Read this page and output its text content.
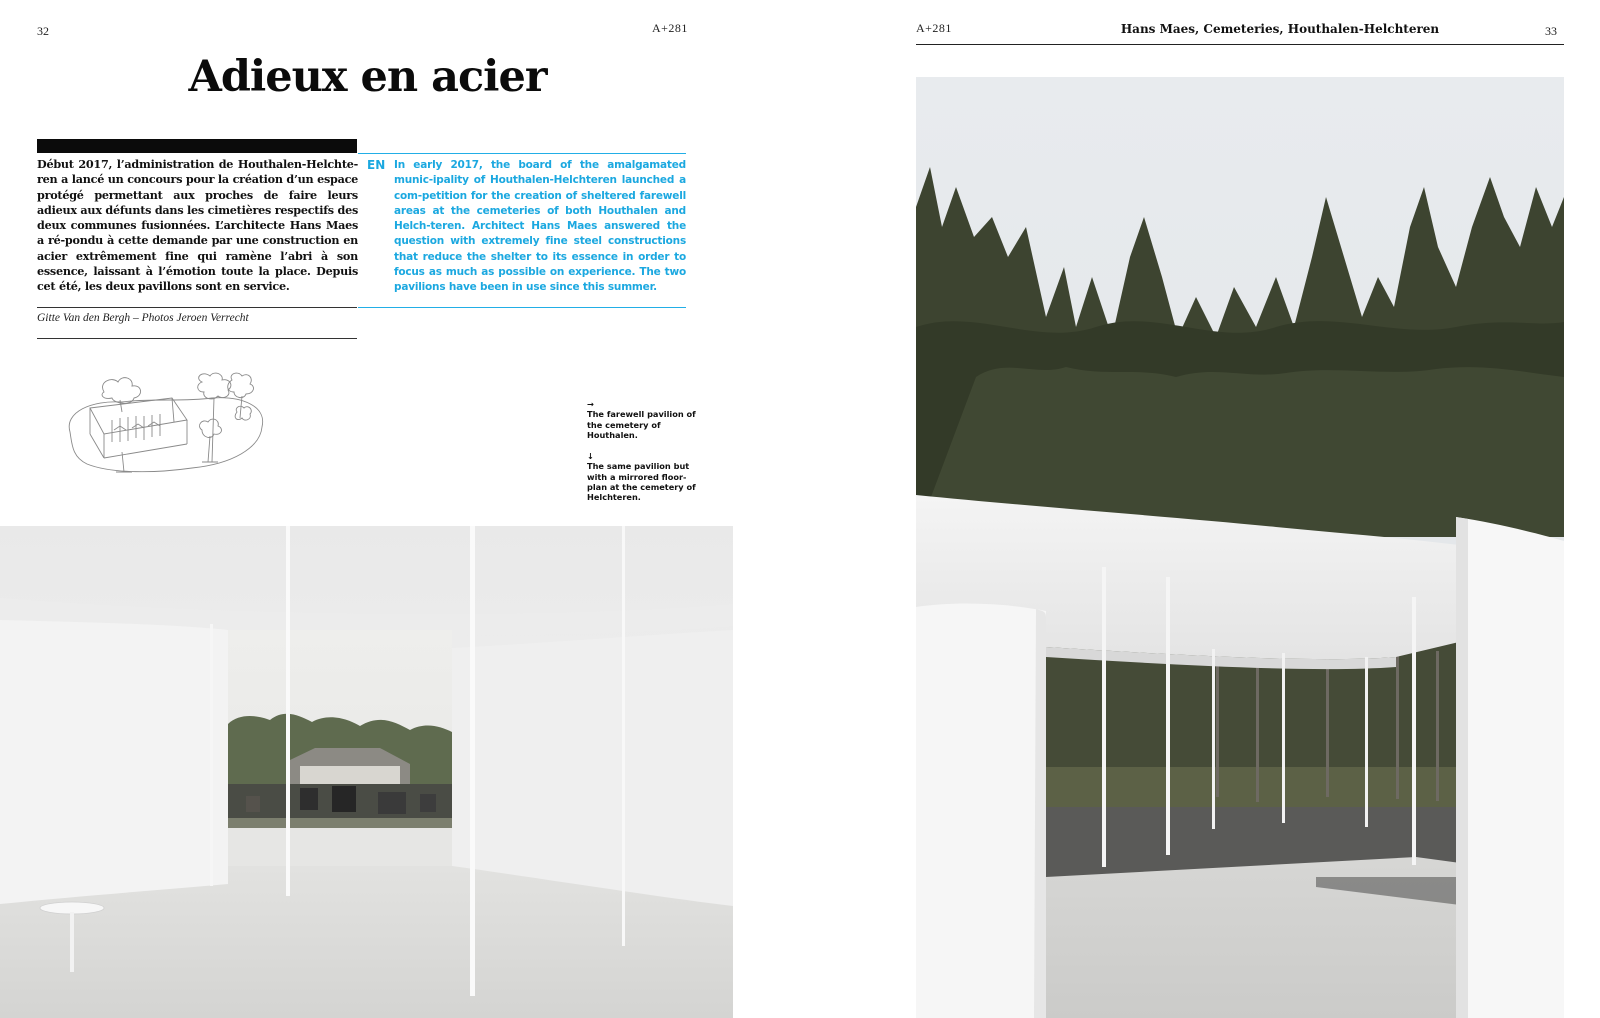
32	A+281
Adieux en acier
Début 2017, l’administration de Houthalen-Helchte-ren a lancé un concours pour la création d’un espace protégé permettant aux proches de faire leurs adieux aux défunts dans les cimetières respectifs des deux communes fusionnées. L’architecte Hans Maes a ré-pondu à cette demande par une construction en acier extrêmement fine qui ramène l’abri à son essence, laissant à l’émotion toute la place. Depuis cet été, les deux pavillons sont en service.
Gitte Van den Bergh – Photos Jeroen Verrecht
EN In early 2017, the board of the amalgamated munic-ipality of Houthalen-Helchteren launched a com-petition for the creation of sheltered farewell areas at the cemeteries of both Houthalen and Helch-teren. Architect Hans Maes answered the question with extremely fine steel constructions that reduce the shelter to its essence in order to focus as much as possible on experience. The two pavilions have been in use since this summer.
→
The farewell pavilion of the cemetery of Houthalen.
↓
The same pavilion but with a mirrored floor-plan at the cemetery of Helchteren.
A+281	Hans Maes, Cemeteries, Houthalen-Helchteren	33
